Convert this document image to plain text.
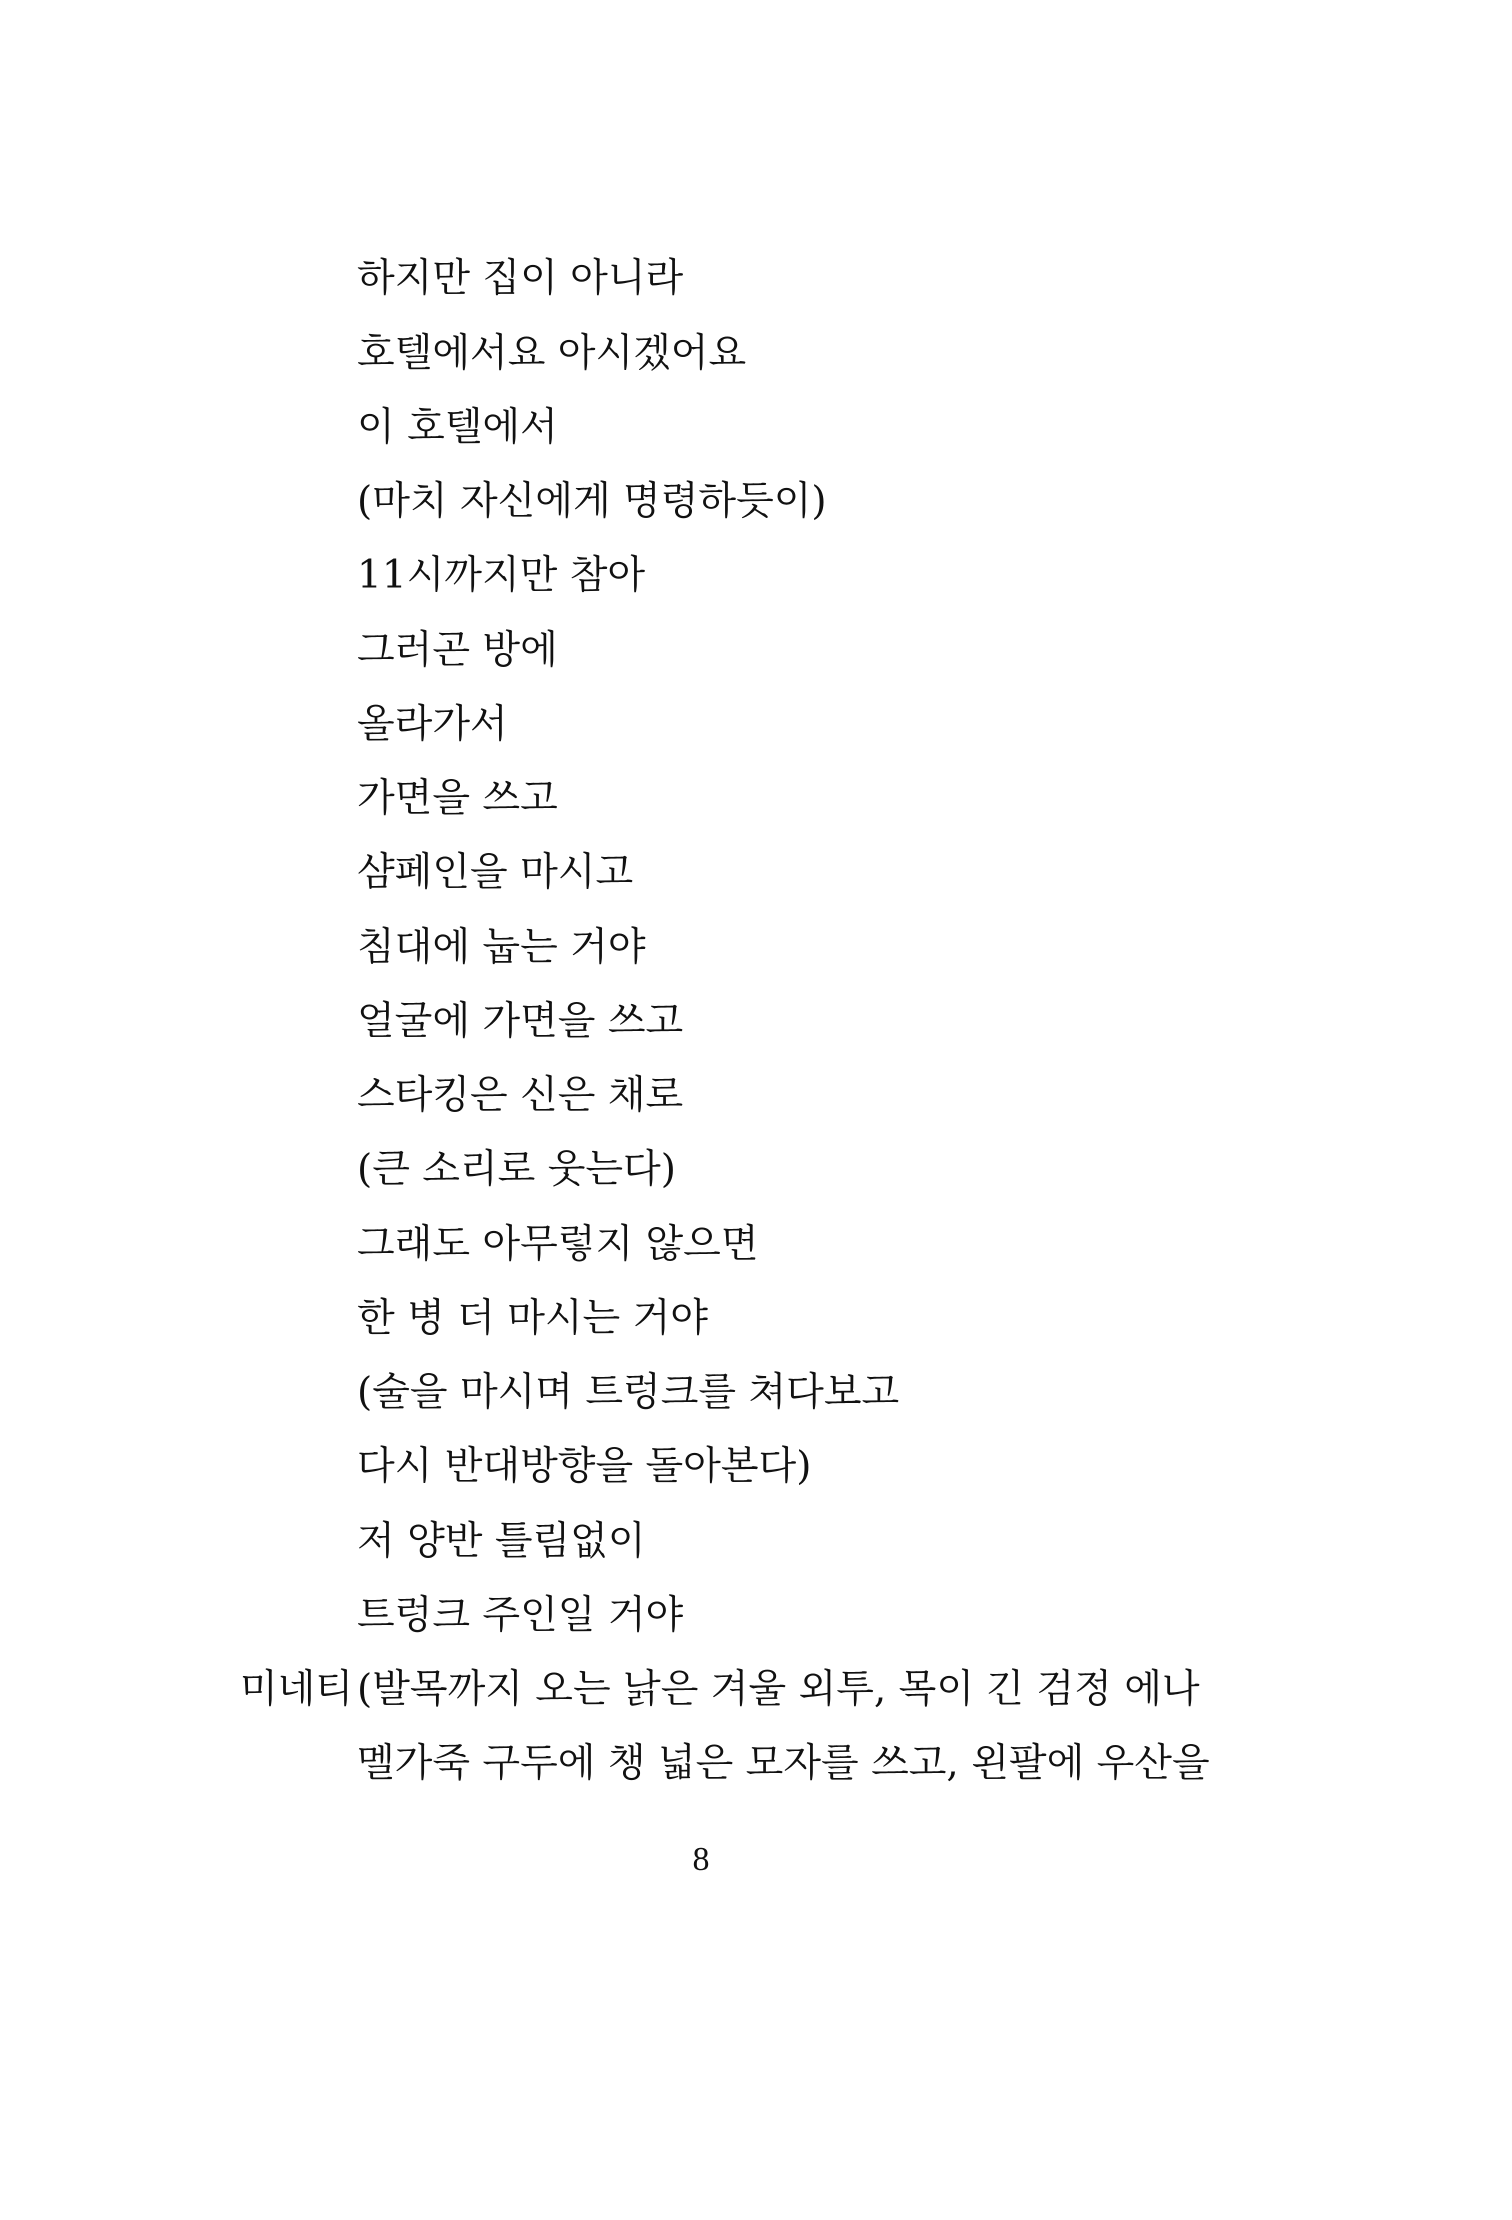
하지만 집이 아니라
호텔에서요 아시겠어요
이 호텔에서
(마치 자신에게 명령하듯이)
11시까지만 참아
그러곤 방에
올라가서
가면을 쓰고
샴페인을 마시고
침대에 눕는 거야
얼굴에 가면을 쓰고
스타킹은 신은 채로
(큰 소리로 웃는다)
그래도 아무렇지 않으면
한 병 더 마시는 거야
(술을 마시며 트렁크를 쳐다보고
다시 반대방향을 돌아본다)
저 양반 틀림없이
트렁크 주인일 거야
미네티 (발목까지 오는 낡은 겨울 외투, 목이 긴 검정 에나
멜가죽 구두에 챙 넓은 모자를 쓰고, 왼팔에 우산을
8
